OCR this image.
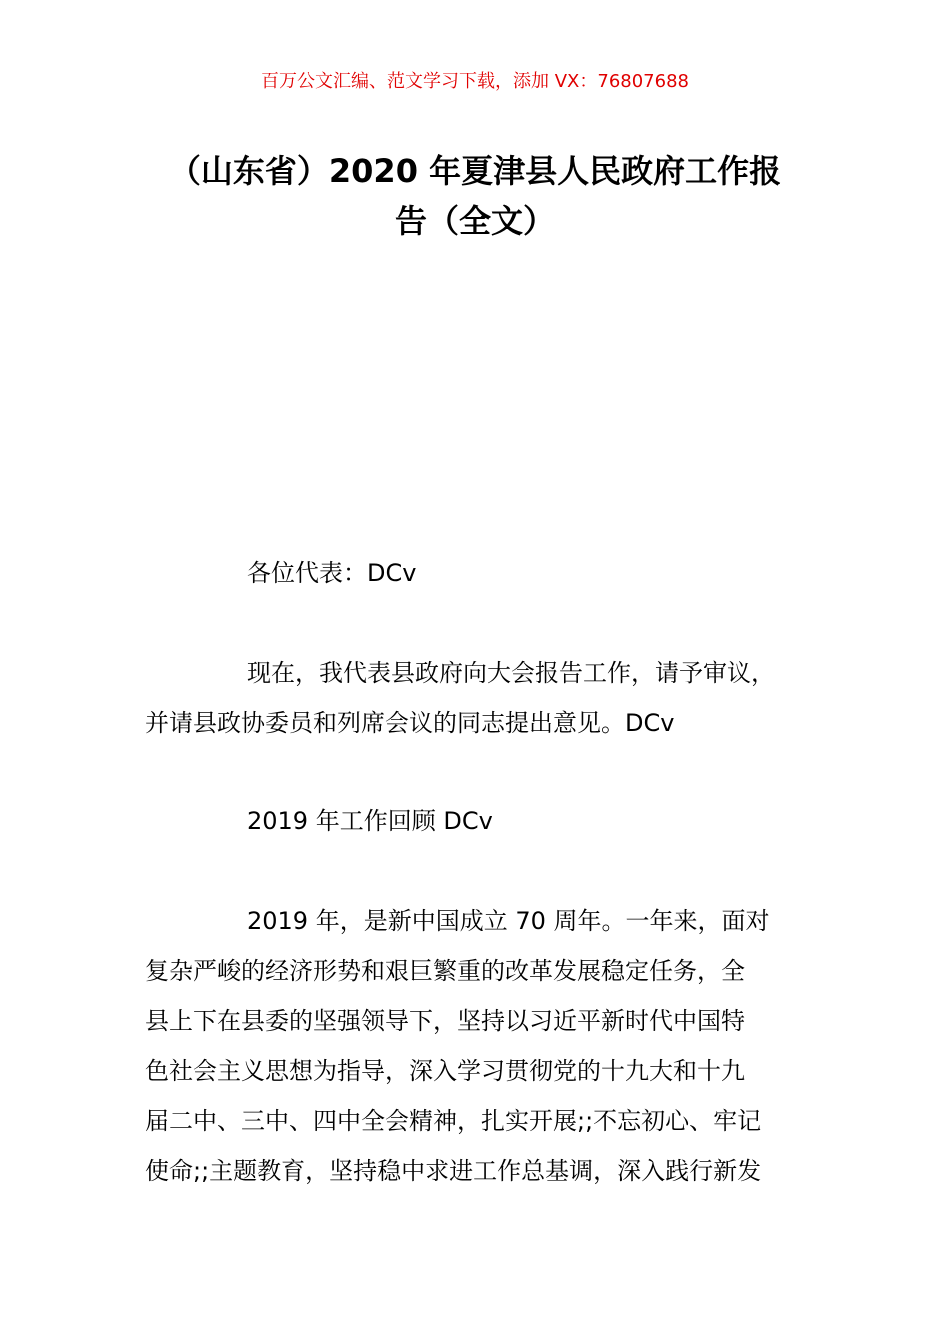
百万公文汇编、范文学习下载，添加 VX：76807688
（山东省）2020 年夏津县人民政府工作报
告（全文）

各位代表：DCv

现在，我代表县政府向大会报告工作，请予审议，

并请县政协委员和列席会议的同志提出意见。DCv

2019 年工作回顾 DCv

2019 年，是新中国成立 70 周年。一年来，面对

复杂严峻的经济形势和艰巨繁重的改革发展稳定任务，全

县上下在县委的坚强领导下，坚持以习近平新时代中国特

色社会主义思想为指导，深入学习贯彻党的十九大和十九

届二中、三中、四中全会精神，扎实开展;;不忘初心、牢记

使命;;主题教育，坚持稳中求进工作总基调，深入践行新发
